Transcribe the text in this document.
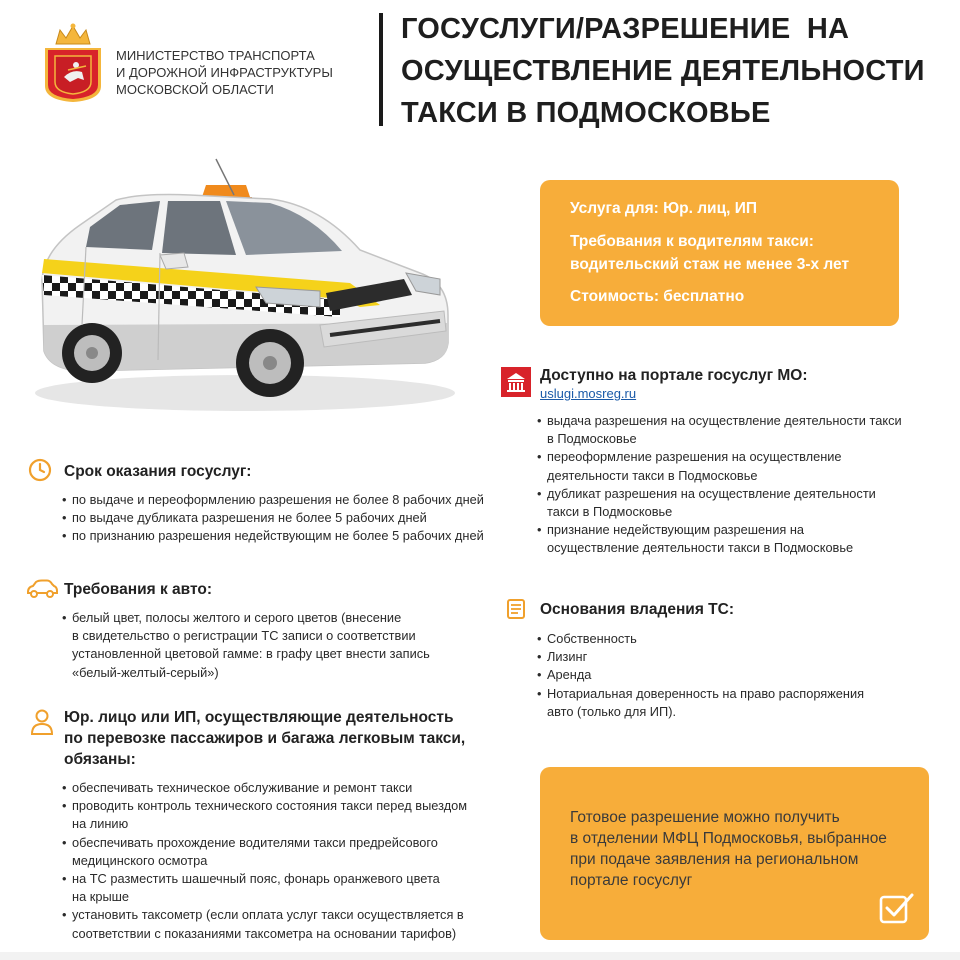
МИНИСТЕРСТВО ТРАНСПОРТА
И ДОРОЖНОЙ ИНФРАСТРУКТУРЫ
МОСКОВСКОЙ ОБЛАСТИ
ГОСУСЛУГИ/РАЗРЕШЕНИЕ  НА
ОСУЩЕСТВЛЕНИЕ ДЕЯТЕЛЬНОСТИ
ТАКСИ В ПОДМОСКОВЬЕ
Услуга для: Юр. лиц, ИП
Требования к водителям такси:
водительский стаж не менее 3-х лет
Стоимость: бесплатно
Доступно на портале госуслуг МО:
uslugi.mosreg.ru
• выдача разрешения на осуществление деятельности такси
в Подмосковье
• переоформление разрешения на осуществление
деятельности такси в Подмосковье
• дубликат разрешения на осуществление деятельности
такси в Подмосковье
• признание недействующим разрешения на
осуществление деятельности такси в Подмосковье
Срок оказания госуслуг:
• по выдаче и переоформлению разрешения не более 8 рабочих дней
• по выдаче дубликата разрешения не более 5 рабочих дней
• по признанию разрешения недействующим не более 5 рабочих дней
Требования к авто:
• белый цвет, полосы желтого и серого цветов (внесение
в свидетельство о регистрации ТС записи о соответствии
установленной цветовой гамме: в графу цвет внести запись
«белый-желтый-серый»)
Основания владения ТС:
• Собственность
• Лизинг
• Аренда
• Нотариальная доверенность на право распоряжения
авто (только для ИП).
Юр. лицо или ИП, осуществляющие деятельность
по перевозке пассажиров и багажа легковым такси,
обязаны:
• обеспечивать техническое обслуживание и ремонт такси
• проводить контроль технического состояния такси перед выездом
на линию
• обеспечивать прохождение водителями такси предрейсового
медицинского осмотра
• на ТС разместить шашечный пояс, фонарь оранжевого цвета
на крыше
• установить таксометр (если оплата услуг такси осуществляется в
соответствии с показаниями таксометра на основании тарифов)
Готовое разрешение можно получить
в отделении МФЦ Подмосковья, выбранное
при подаче заявления на региональном
портале госуслуг
